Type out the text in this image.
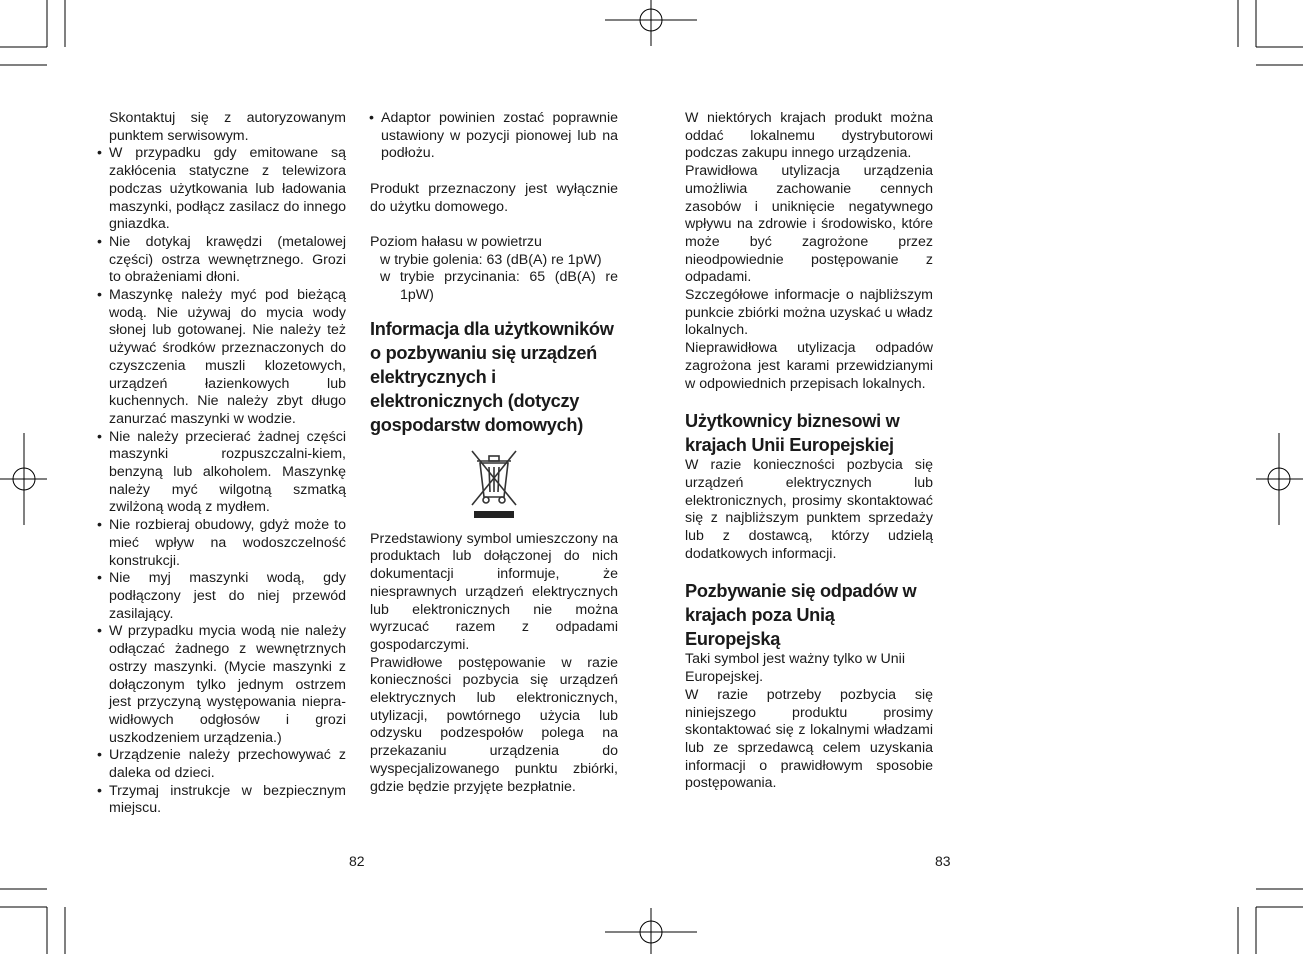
Skontaktuj się z autoryzowanym punktem serwisowym.

• W przypadku gdy emitowane są zakłócenia statyczne z telewizora podczas użytkowania lub ładowania maszynki, podłącz zasilacz do innego gniazdka.

• Nie dotykaj krawędzi (metalowej części) ostrza wewnętrznego. Grozi to obrażeniami dłoni.

• Maszynkę należy myć pod bieżącą wodą. Nie używaj do mycia wody słonej lub gotowanej. Nie należy też używać środków przeznaczonych do czyszczenia muszli klozetowych, urządzeń łazienkowych lub kuchennych. Nie należy zbyt długo zanurzać maszynki w wodzie.

• Nie należy przecierać żadnej części maszynki rozpuszczalni-kiem, benzyną lub alkoholem. Maszynkę należy myć wilgotną szmatką zwilżoną wodą z mydłem.

• Nie rozbieraj obudowy, gdyż może to mieć wpływ na wodoszczelność konstrukcji.

• Nie myj maszynki wodą, gdy podłączony jest do niej przewód zasilający.

• W przypadku mycia wodą nie należy odłączać żadnego z wewnętrznych ostrzy maszynki. (Mycie maszynki z dołączonym tylko jednym ostrzem jest przyczyną występowania niepra-widłowych odgłosów i grozi uszkodzeniem urządzenia.)

• Urządzenie należy przechowywać z daleka od dzieci.

• Trzymaj instrukcje w bezpiecznym miejscu.

• Adaptor powinien zostać poprawnie ustawiony w pozycji pionowej lub na podłożu.

Produkt przeznaczony jest wyłącznie do użytku domowego.

Poziom hałasu w powietrzu

w trybie golenia: 63 (dB(A) re 1pW)

w trybie przycinania: 65 (dB(A) re 1pW)

Informacja dla użytkowników o pozbywaniu się urządzeń elektrycznych i elektronicznych (dotyczy gospodarstw domowych)

Przedstawiony symbol umieszczony na produktach lub dołączonej do nich dokumentacji informuje, że niesprawnych urządzeń elektrycznych lub elektronicznych nie można wyrzucać razem z odpadami gospodarczymi.

Prawidłowe postępowanie w razie konieczności pozbycia się urządzeń elektrycznych lub elektronicznych, utylizacji, powtórnego użycia lub odzysku podzespołów polega na przekazaniu urządzenia do wyspecjalizowanego punktu zbiórki, gdzie będzie przyjęte bezpłatnie.

82

W niektórych krajach produkt można oddać lokalnemu dystrybutorowi podczas zakupu innego urządzenia.

Prawidłowa utylizacja urządzenia umożliwia zachowanie cennych zasobów i uniknięcie negatywnego wpływu na zdrowie i środowisko, które może być zagrożone przez nieodpowiednie postępowanie z odpadami.

Szczegółowe informacje o najbliższym punkcie zbiórki można uzyskać u władz lokalnych.

Nieprawidłowa utylizacja odpadów zagrożona jest karami przewidzianymi w odpowiednich przepisach lokalnych.

Użytkownicy biznesowi w krajach Unii Europejskiej

W razie konieczności pozbycia się urządzeń elektrycznych lub elektronicznych, prosimy skontaktować się z najbliższym punktem sprzedaży lub z dostawcą, którzy udzielą dodatkowych informacji.

Pozbywanie się odpadów w krajach poza Unią Europejską

Taki symbol jest ważny tylko w Unii Europejskej.

W razie potrzeby pozbycia się niniejszego produktu prosimy skontaktować się z lokalnymi władzami lub ze sprzedawcą celem uzyskania informacji o prawidłowym sposobie postępowania.

83
